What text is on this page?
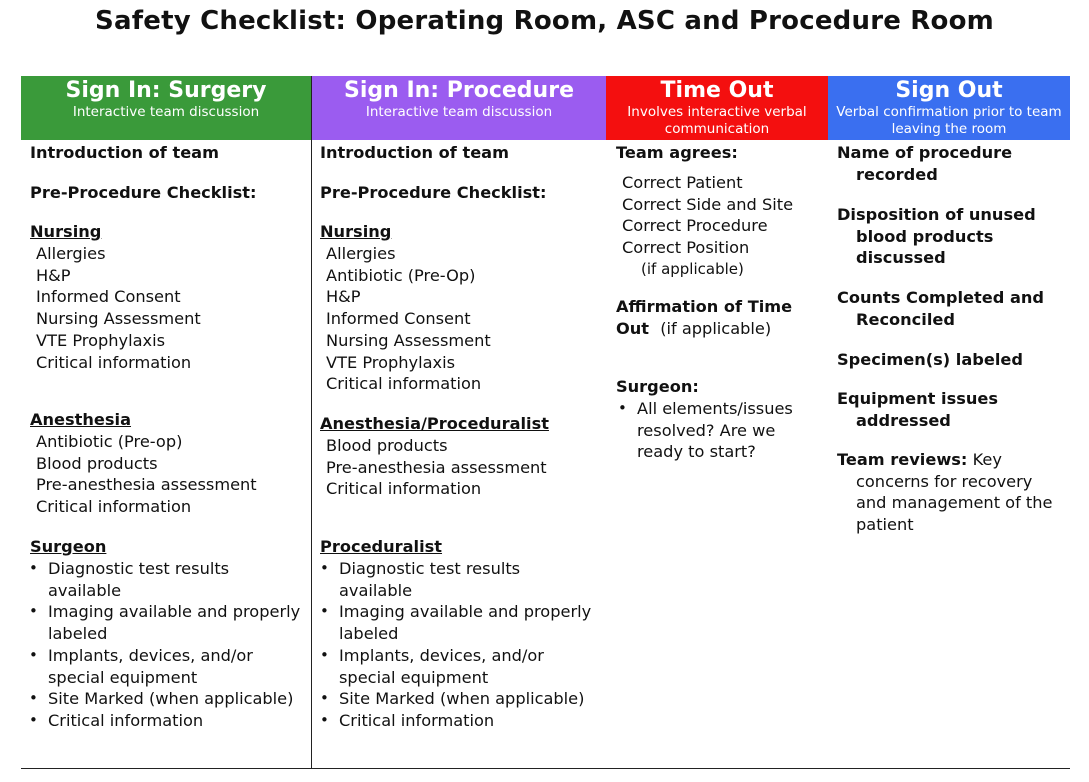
Safety Checklist: Operating Room, ASC and Procedure Room
Sign In: Surgery
Interactive team discussion
Introduction of team
Pre-Procedure Checklist:
Nursing
Allergies
H&P
Informed Consent
Nursing Assessment
VTE Prophylaxis
Critical information
Anesthesia
Antibiotic (Pre-op)
Blood products
Pre-anesthesia assessment
Critical information
Surgeon
• Diagnostic test results available
• Imaging available and properly labeled
• Implants, devices, and/or special equipment
• Site Marked (when applicable)
• Critical information
Sign In: Procedure
Interactive team discussion
Introduction of team
Pre-Procedure Checklist:
Nursing
Allergies
Antibiotic (Pre-Op)
H&P
Informed Consent
Nursing Assessment
VTE Prophylaxis
Critical information
Anesthesia/Proceduralist
Blood products
Pre-anesthesia assessment
Critical information
Proceduralist
• Diagnostic test results available
• Imaging available and properly labeled
• Implants, devices, and/or special equipment
• Site Marked (when applicable)
• Critical information
Time Out
Involves interactive verbal communication
Team agrees:
Correct Patient
Correct Side and Site
Correct Procedure
Correct Position
(if applicable)
Affirmation of Time Out (if applicable)
Surgeon:
• All elements/issues resolved? Are we ready to start?
Sign Out
Verbal confirmation prior to team leaving the room
Name of procedure recorded
Disposition of unused blood products discussed
Counts Completed and Reconciled
Specimen(s) labeled
Equipment issues addressed
Team reviews: Key concerns for recovery and management of the patient
